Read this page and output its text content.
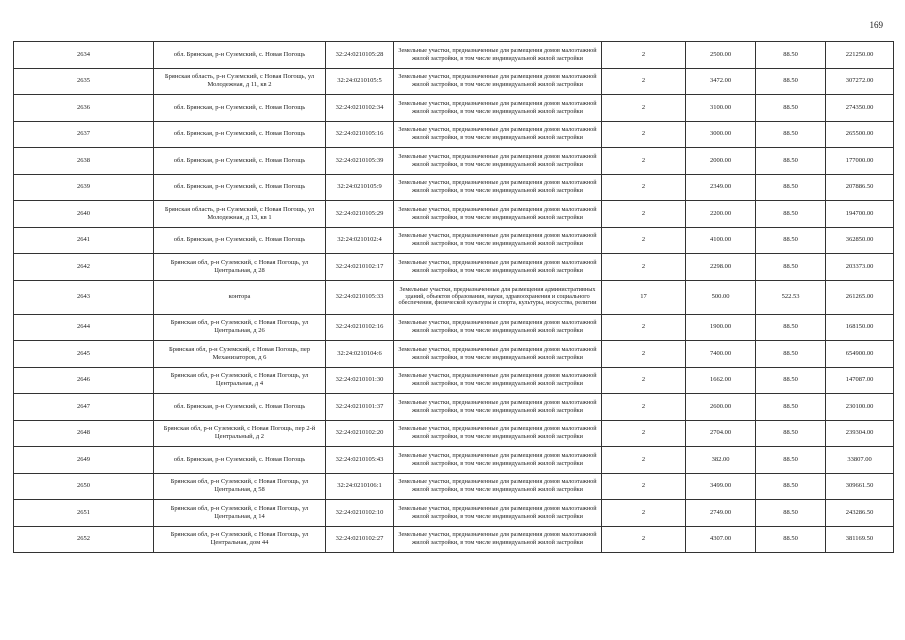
169
2634	обл. Брянская, р-н Суземский, с. Новая Погощь	32:24:0210105:28	Земельные участки, предназначенные для размещения домов малоэтажной жилой застройки, в том числе индивидуальной жилой застройки	2	2500.00	88.50	221250.00
2635	Брянская область, р-н Суземский, с Новая Погощь, ул Молодежная, д 11, кв 2	32:24:0210105:5	Земельные участки, предназначенные для размещения домов малоэтажной жилой застройки, в том числе индивидуальной жилой застройки	2	3472.00	88.50	307272.00
2636	обл. Брянская, р-н Суземский, с. Новая Погощь	32:24:0210102:34	Земельные участки, предназначенные для размещения домов малоэтажной жилой застройки, в том числе индивидуальной жилой застройки	2	3100.00	88.50	274350.00
2637	обл. Брянская, р-н Суземский, с. Новая Погощь	32:24:0210105:16	Земельные участки, предназначенные для размещения домов малоэтажной жилой застройки, в том числе индивидуальной жилой застройки	2	3000.00	88.50	265500.00
2638	обл. Брянская, р-н Суземский, с. Новая Погощь	32:24:0210105:39	Земельные участки, предназначенные для размещения домов малоэтажной жилой застройки, в том числе индивидуальной жилой застройки	2	2000.00	88.50	177000.00
2639	обл. Брянская, р-н Суземский, с. Новая Погощь	32:24:0210105:9	Земельные участки, предназначенные для размещения домов малоэтажной жилой застройки, в том числе индивидуальной жилой застройки	2	2349.00	88.50	207886.50
2640	Брянская область, р-н Суземский, с Новая Погощь, ул Молодежная, д 13, кв 1	32:24:0210105:29	Земельные участки, предназначенные для размещения домов малоэтажной жилой застройки, в том числе индивидуальной жилой застройки	2	2200.00	88.50	194700.00
2641	обл. Брянская, р-н Суземский, с. Новая Погощь	32:24:0210102:4	Земельные участки, предназначенные для размещения домов малоэтажной жилой застройки, в том числе индивидуальной жилой застройки	2	4100.00	88.50	362850.00
2642	Брянская обл, р-н Суземский, с Новая Погощь, ул Центральная, д 28	32:24:0210102:17	Земельные участки, предназначенные для размещения домов малоэтажной жилой застройки, в том числе индивидуальной жилой застройки	2	2298.00	88.50	203373.00
2643	контора	32:24:0210105:33	Земельные участки, предназначенные для размещения административных зданий, объектов образования, науки, здравоохранения и социального обеспечения, физической культуры и спорта, культуры, искусства, религии	17	500.00	522.53	261265.00
2644	Брянская обл, р-н Суземский, с Новая Погощь, ул Центральная, д 26	32:24:0210102:16	Земельные участки, предназначенные для размещения домов малоэтажной жилой застройки, в том числе индивидуальной жилой застройки	2	1900.00	88.50	168150.00
2645	Брянская обл, р-н Суземский, с Новая Погощь, пер Механизаторов, д 6	32:24:0210104:6	Земельные участки, предназначенные для размещения домов малоэтажной жилой застройки, в том числе индивидуальной жилой застройки	2	7400.00	88.50	654900.00
2646	Брянская обл, р-н Суземский, с Новая Погощь, ул Центральная, д 4	32:24:0210101:30	Земельные участки, предназначенные для размещения домов малоэтажной жилой застройки, в том числе индивидуальной жилой застройки	2	1662.00	88.50	147087.00
2647	обл. Брянская, р-н Суземский, с. Новая Погощь	32:24:0210101:37	Земельные участки, предназначенные для размещения домов малоэтажной жилой застройки, в том числе индивидуальной жилой застройки	2	2600.00	88.50	230100.00
2648	Брянская обл, р-н Суземский, с Новая Погощь, пер 2-й Центральный, д 2	32:24:0210102:20	Земельные участки, предназначенные для размещения домов малоэтажной жилой застройки, в том числе индивидуальной жилой застройки	2	2704.00	88.50	239304.00
2649	обл. Брянская, р-н Суземский, с. Новая Погощь	32:24:0210105:43	Земельные участки, предназначенные для размещения домов малоэтажной жилой застройки, в том числе индивидуальной жилой застройки	2	382.00	88.50	33807.00
2650	Брянская обл, р-н Суземский, с Новая Погощь, ул Центральная, д 58	32:24:0210106:1	Земельные участки, предназначенные для размещения домов малоэтажной жилой застройки, в том числе индивидуальной жилой застройки	2	3499.00	88.50	309661.50
2651	Брянская обл, р-н Суземский, с Новая Погощь, ул Центральная, д 14	32:24:0210102:10	Земельные участки, предназначенные для размещения домов малоэтажной жилой застройки, в том числе индивидуальной жилой застройки	2	2749.00	88.50	243286.50
2652	Брянская обл, р-н Суземский, с Новая Погощь, ул Центральная, дом 44	32:24:0210102:27	Земельные участки, предназначенные для размещения домов малоэтажной жилой застройки, в том числе индивидуальной жилой застройки	2	4307.00	88.50	381169.50
